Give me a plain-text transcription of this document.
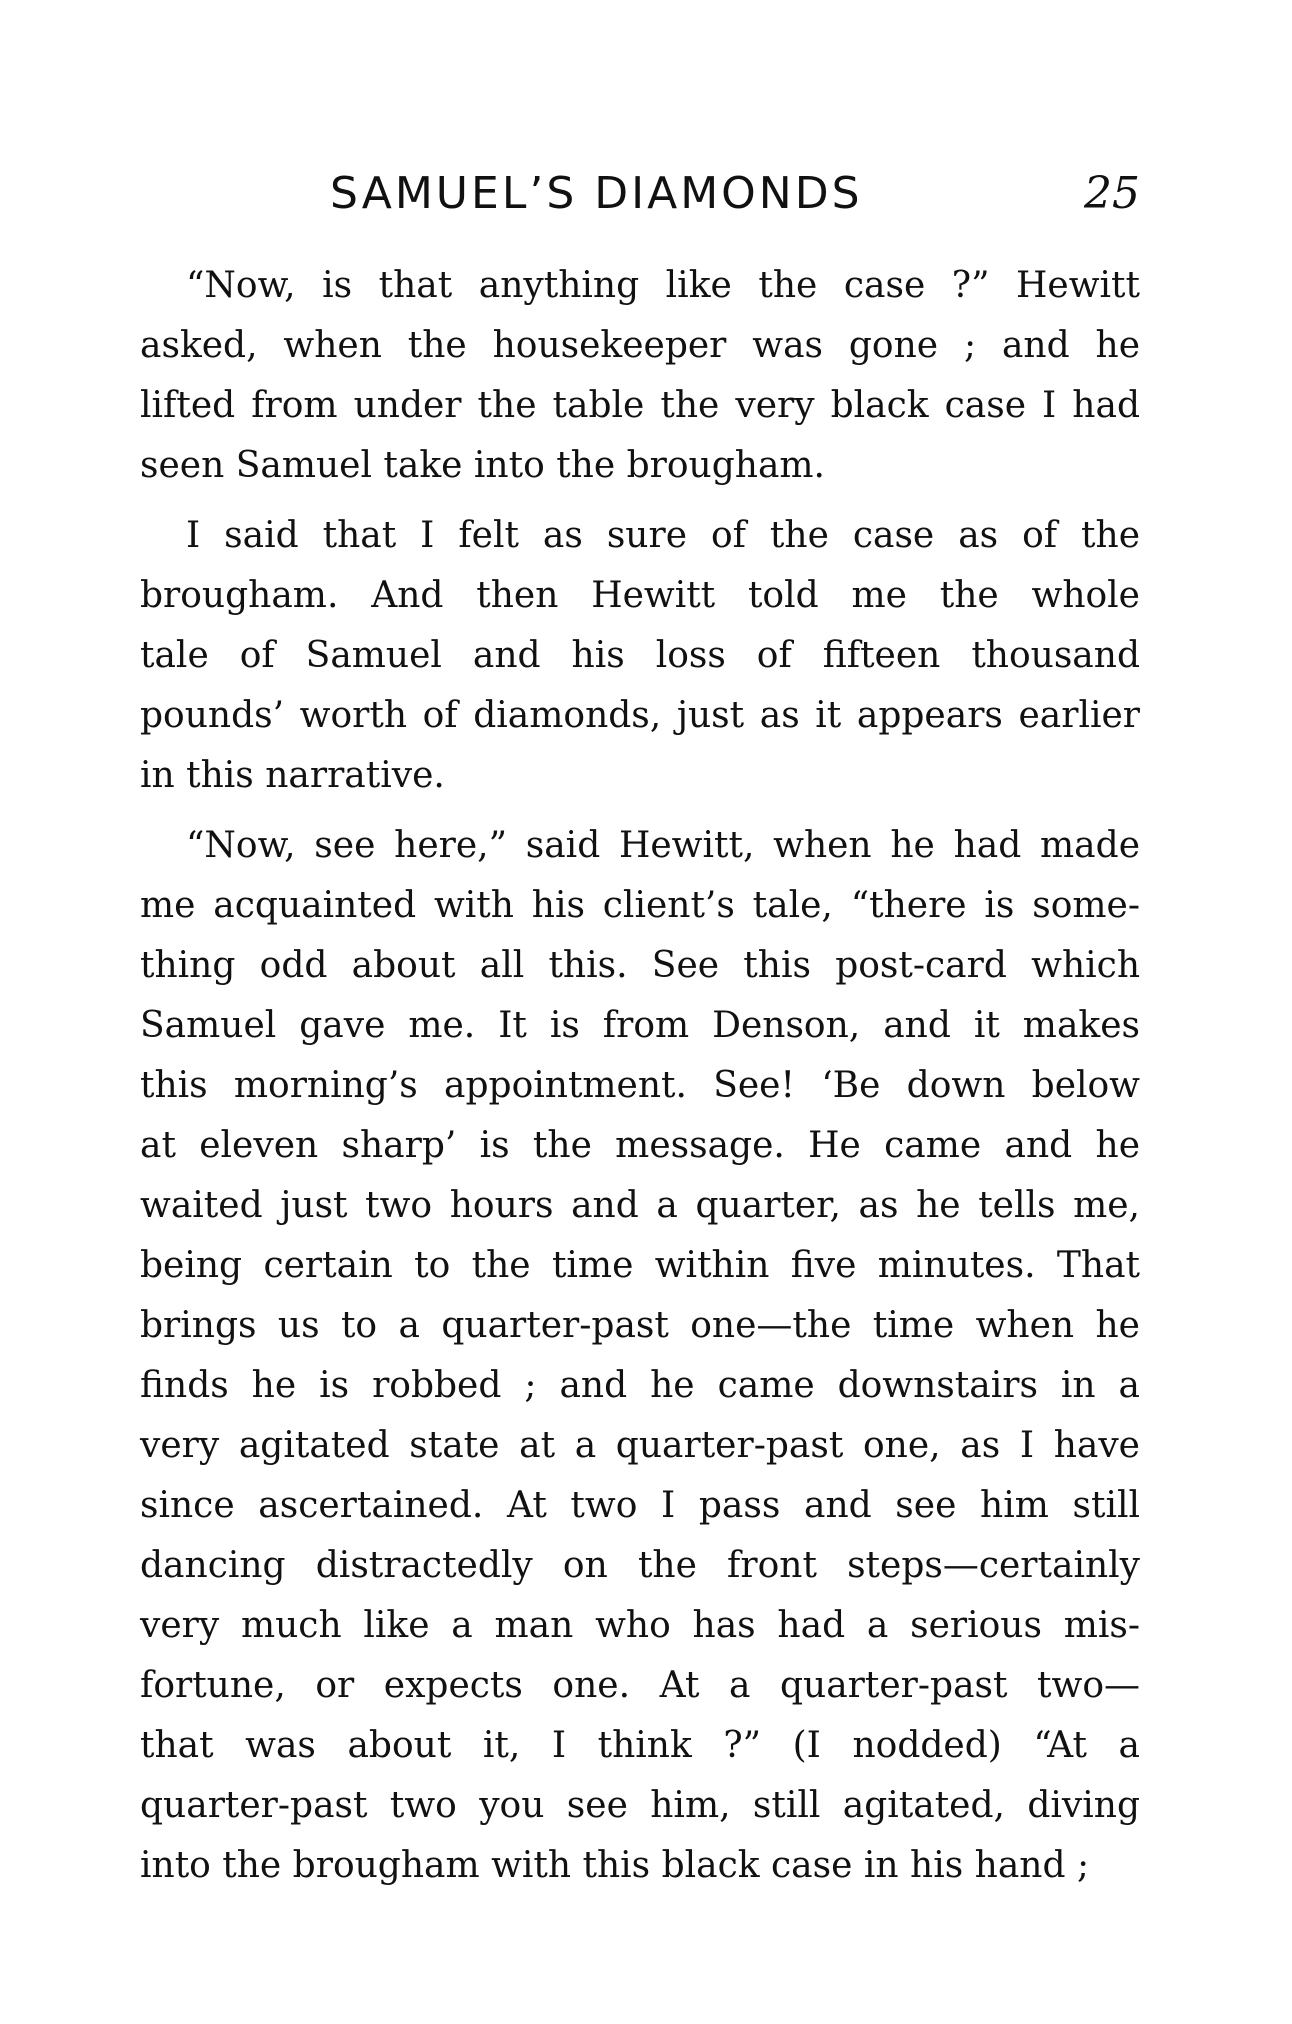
SAMUEL’S DIAMONDS	25

“Now, is that anything like the case ?” Hewitt
asked, when the housekeeper was gone ; and he
lifted from under the table the very black case I had
seen Samuel take into the brougham.

I said that I felt as sure of the case as of the
brougham. And then Hewitt told me the whole
tale of Samuel and his loss of fifteen thousand
pounds’ worth of diamonds, just as it appears earlier
in this narrative.

“Now, see here,” said Hewitt, when he had made
me acquainted with his client’s tale, “there is some-
thing odd about all this. See this post-card which
Samuel gave me. It is from Denson, and it makes
this morning’s appointment. See! ‘Be down below
at eleven sharp’ is the message. He came and he
waited just two hours and a quarter, as he tells me,
being certain to the time within five minutes. That
brings us to a quarter-past one—the time when he
finds he is robbed ; and he came downstairs in a
very agitated state at a quarter-past one, as I have
since ascertained. At two I pass and see him still
dancing distractedly on the front steps—certainly
very much like a man who has had a serious mis-
fortune, or expects one. At a quarter-past two—
that was about it, I think ?” (I nodded) “At a
quarter-past two you see him, still agitated, diving
into the brougham with this black case in his hand ;
